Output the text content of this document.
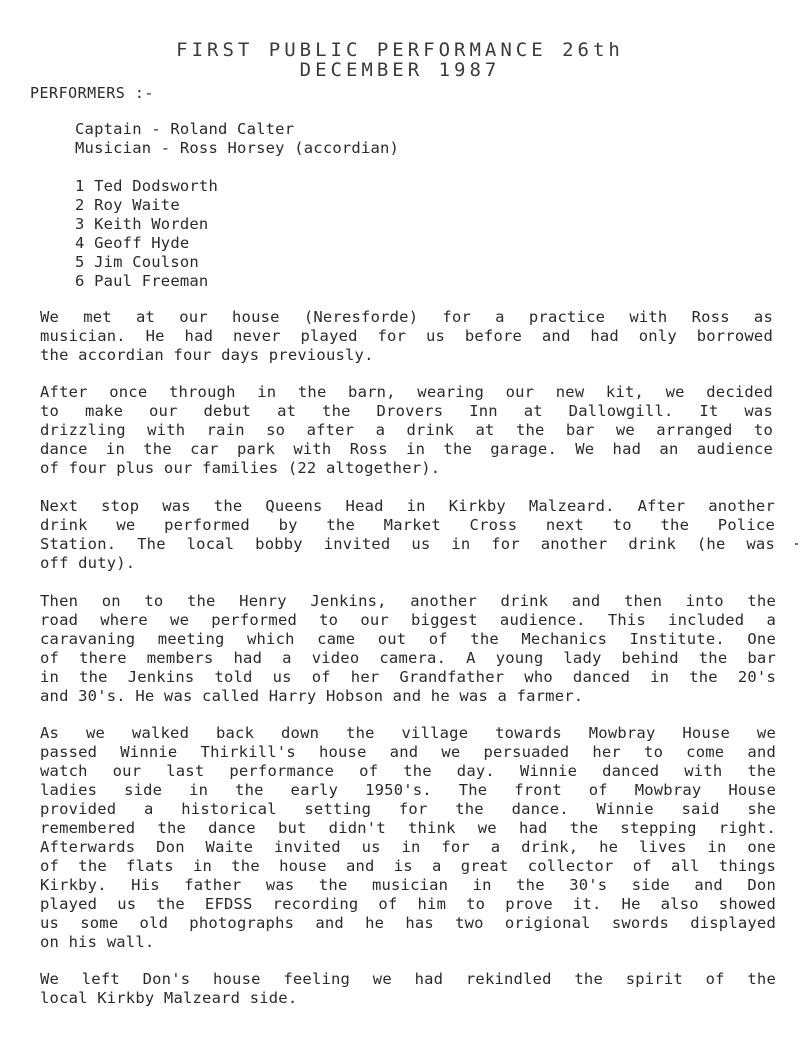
FIRST PUBLIC PERFORMANCE 26th
DECEMBER 1987
PERFORMERS :-
Captain - Roland Calter
Musician - Ross Horsey (accordian)
1 Ted Dodsworth
2 Roy Waite
3 Keith Worden
4 Geoff Hyde
5 Jim Coulson
6 Paul Freeman
We met at our house (Neresforde) for a practice with Ross as
musician. He had never played for us before and had only borrowed
the accordian four days previously.
After once through in the barn, wearing our new kit, we decided
to make our debut at the Drovers Inn at Dallowgill. It was
drizzling with rain so after a drink at the bar we arranged to
dance in the car park with Ross in the garage. We had an audience
of four plus our families (22 altogether).
Next stop was the Queens Head in Kirkby Malzeard. After another
drink we performed by the Market Cross next to the Police
Station. The local bobby invited us in for another drink (he was
off duty).
Then on to the Henry Jenkins, another drink and then into the
road where we performed to our biggest audience. This included a
caravaning meeting which came out of the Mechanics Institute. One
of there members had a video camera. A young lady behind the bar
in the Jenkins told us of her Grandfather who danced in the 20's
and 30's. He was called Harry Hobson and he was a farmer.
As we walked back down the village towards Mowbray House we
passed Winnie Thirkill's house and we persuaded her to come and
watch our last performance of the day. Winnie danced with the
ladies side in the early 1950's. The front of Mowbray House
provided a historical setting for the dance. Winnie said she
remembered the dance but didn't think we had the stepping right.
Afterwards Don Waite invited us in for a drink, he lives in one
of the flats in the house and is a great collector of all things
Kirkby. His father was the musician in the 30's side and Don
played us the EFDSS recording of him to prove it. He also showed
us some old photographs and he has two origional swords displayed
on his wall.
We left Don's house feeling we had rekindled the spirit of the
local Kirkby Malzeard side.
